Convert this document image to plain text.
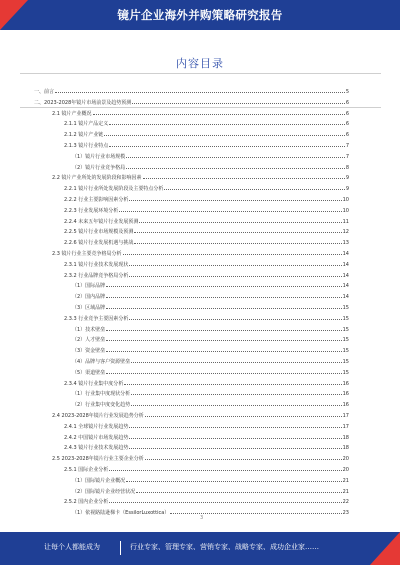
镜片企业海外并购策略研究报告
内容目录
一、前言	5
二、2023-2028年镜片市场前景及趋势预测	6
2.1 镜片产业概况	6
2.1.1 镜片产品定义	6
2.1.2 镜片产业链	6
2.1.3 镜片行业特点	7
（1）镜片行业市场规模	7
（2）镜片行业竞争格局	8
2.2 镜片产业所处的发展阶段和影响因素	9
2.2.1 镜片行业所处发展阶段及主要特点分析	9
2.2.2 行业主要影响因素分析	10
2.2.3 行业发展环境分析	10
2.2.4 未来五年镜片行业发展预测	11
2.2.5 镜片行业市场规模及预测	12
2.2.6 镜片行业发展机遇与挑战	13
2.3 镜片行业主要竞争格局分析	14
2.3.1 镜片行业技术发展现状	14
2.3.2 行业品牌竞争格局分析	14
（1）国际品牌	14
（2）国内品牌	14
（3）区域品牌	15
2.3.3 行业竞争主要因素分析	15
（1）技术壁垒	15
（2）人才壁垒	15
（3）资金壁垒	15
（4）品牌与客户资源壁垒	15
（5）渠道壁垒	15
2.3.4 镜片行业集中度分析	16
（1）行业集中度现状分析	16
（2）行业集中度变化趋势	16
2.4 2023-2028年镜片行业发展趋势分析	17
2.4.1 全球镜片行业发展趋势	17
2.4.2 中国镜片市场发展趋势	18
2.4.3 镜片行业技术发展趋势	18
2.5 2023-2028年镜片行业主要企业分析	20
2.5.1 国际企业分析	20
（1）国际镜片企业概况	21
（2）国际镜片企业经营状况	21
2.5.2 国内企业分析	22
（1）依视路陆逊梯卡（EssilorLuxottica）	23
3
让每个人都能成为	行业专家、管理专家、营销专家、战略专家、成功企业家……
